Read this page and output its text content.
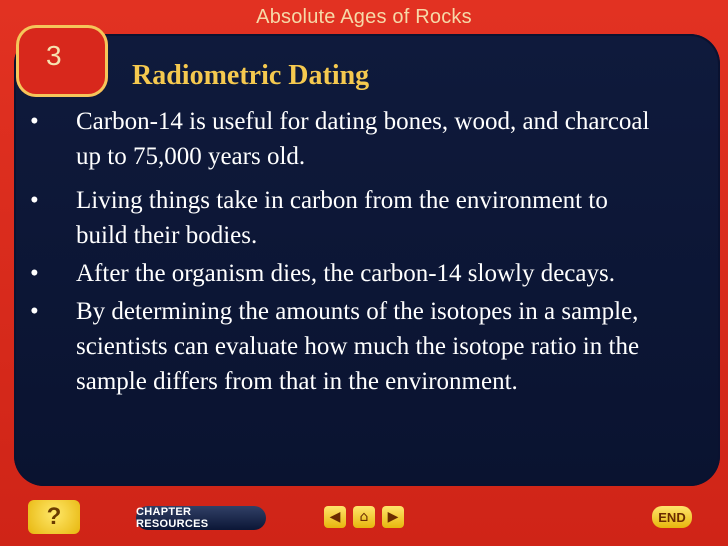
Absolute Ages of Rocks
3
Radiometric Dating

• Carbon-14 is useful for dating bones, wood, and charcoal up to 75,000 years old.

• Living things take in carbon from the environment to build their bodies.

• After the organism dies, the carbon-14 slowly decays.

• By determining the amounts of the isotopes in a sample, scientists can evaluate how much the isotope ratio in the sample differs from that in the environment.

?	CHAPTER RESOURCES	◀	⌂	▶	END
